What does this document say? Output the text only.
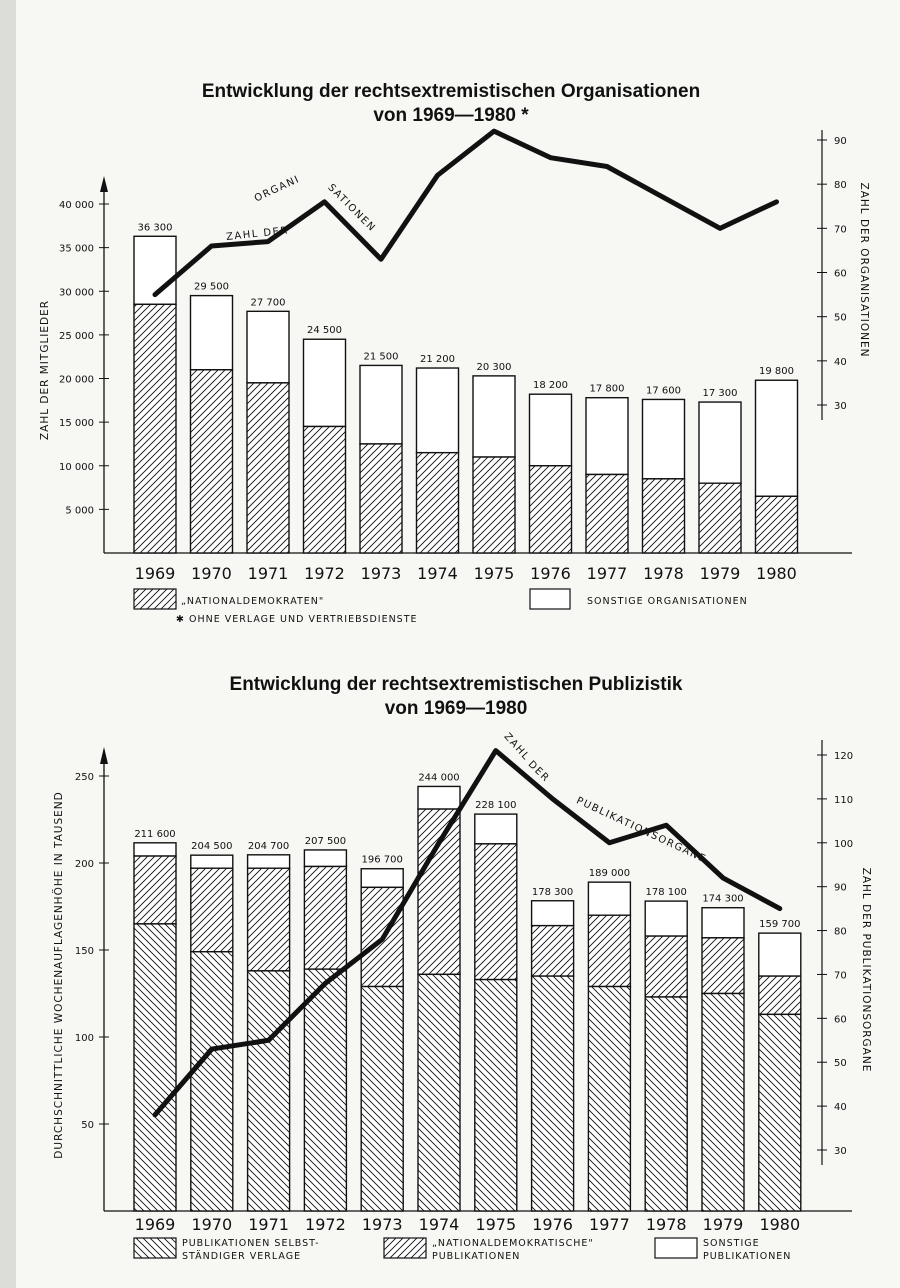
Entwicklung der rechtsextremistischen Organisationen
von 1969—1980 *
ZAHL DER MITGLIEDER
ZAHL DER ORGANISATIONEN
5 000
10 000
15 000
20 000
25 000
30 000
35 000
40 000
30
40
50
60
70
80
90
36 300
1969
29 500
1970
27 700
1971
24 500
1972
21 500
1973
21 200
1974
20 300
1975
18 200
1976
17 800
1977
17 600
1978
17 300
1979
19 800
1980
ZAHL DER
ORGANI SATIONEN
„NATIONALDEMOKRATEN"	SONSTIGE ORGANISATIONEN
✱ OHNE VERLAGE UND VERTRIEBSDIENSTE
Entwicklung der rechtsextremistischen Publizistik
von 1969—1980
DURCHSCHNITTLICHE WOCHENAUFLAGENHÖHE IN TAUSEND	ZAHL DER PUBLIKATIONSORGANE
50
100
150
200
250
30
40
50
60
70
80
90
100
110
120
211 600
1969
204 500
1970
204 700
1971
207 500
1972
196 700
1973
244 000
1974
228 100
1975
178 300
1976
189 000
1977
178 100
1978
174 300
1979
159 700
1980
ZAHL
DER
PUBLIKATIONSORGANE
PUBLIKATIONEN SELBST-
STÄNDIGER VERLAGE
„NATIONALDEMOKRATISCHE"
PUBLIKATIONEN
SONSTIGE
PUBLIKATIONEN
